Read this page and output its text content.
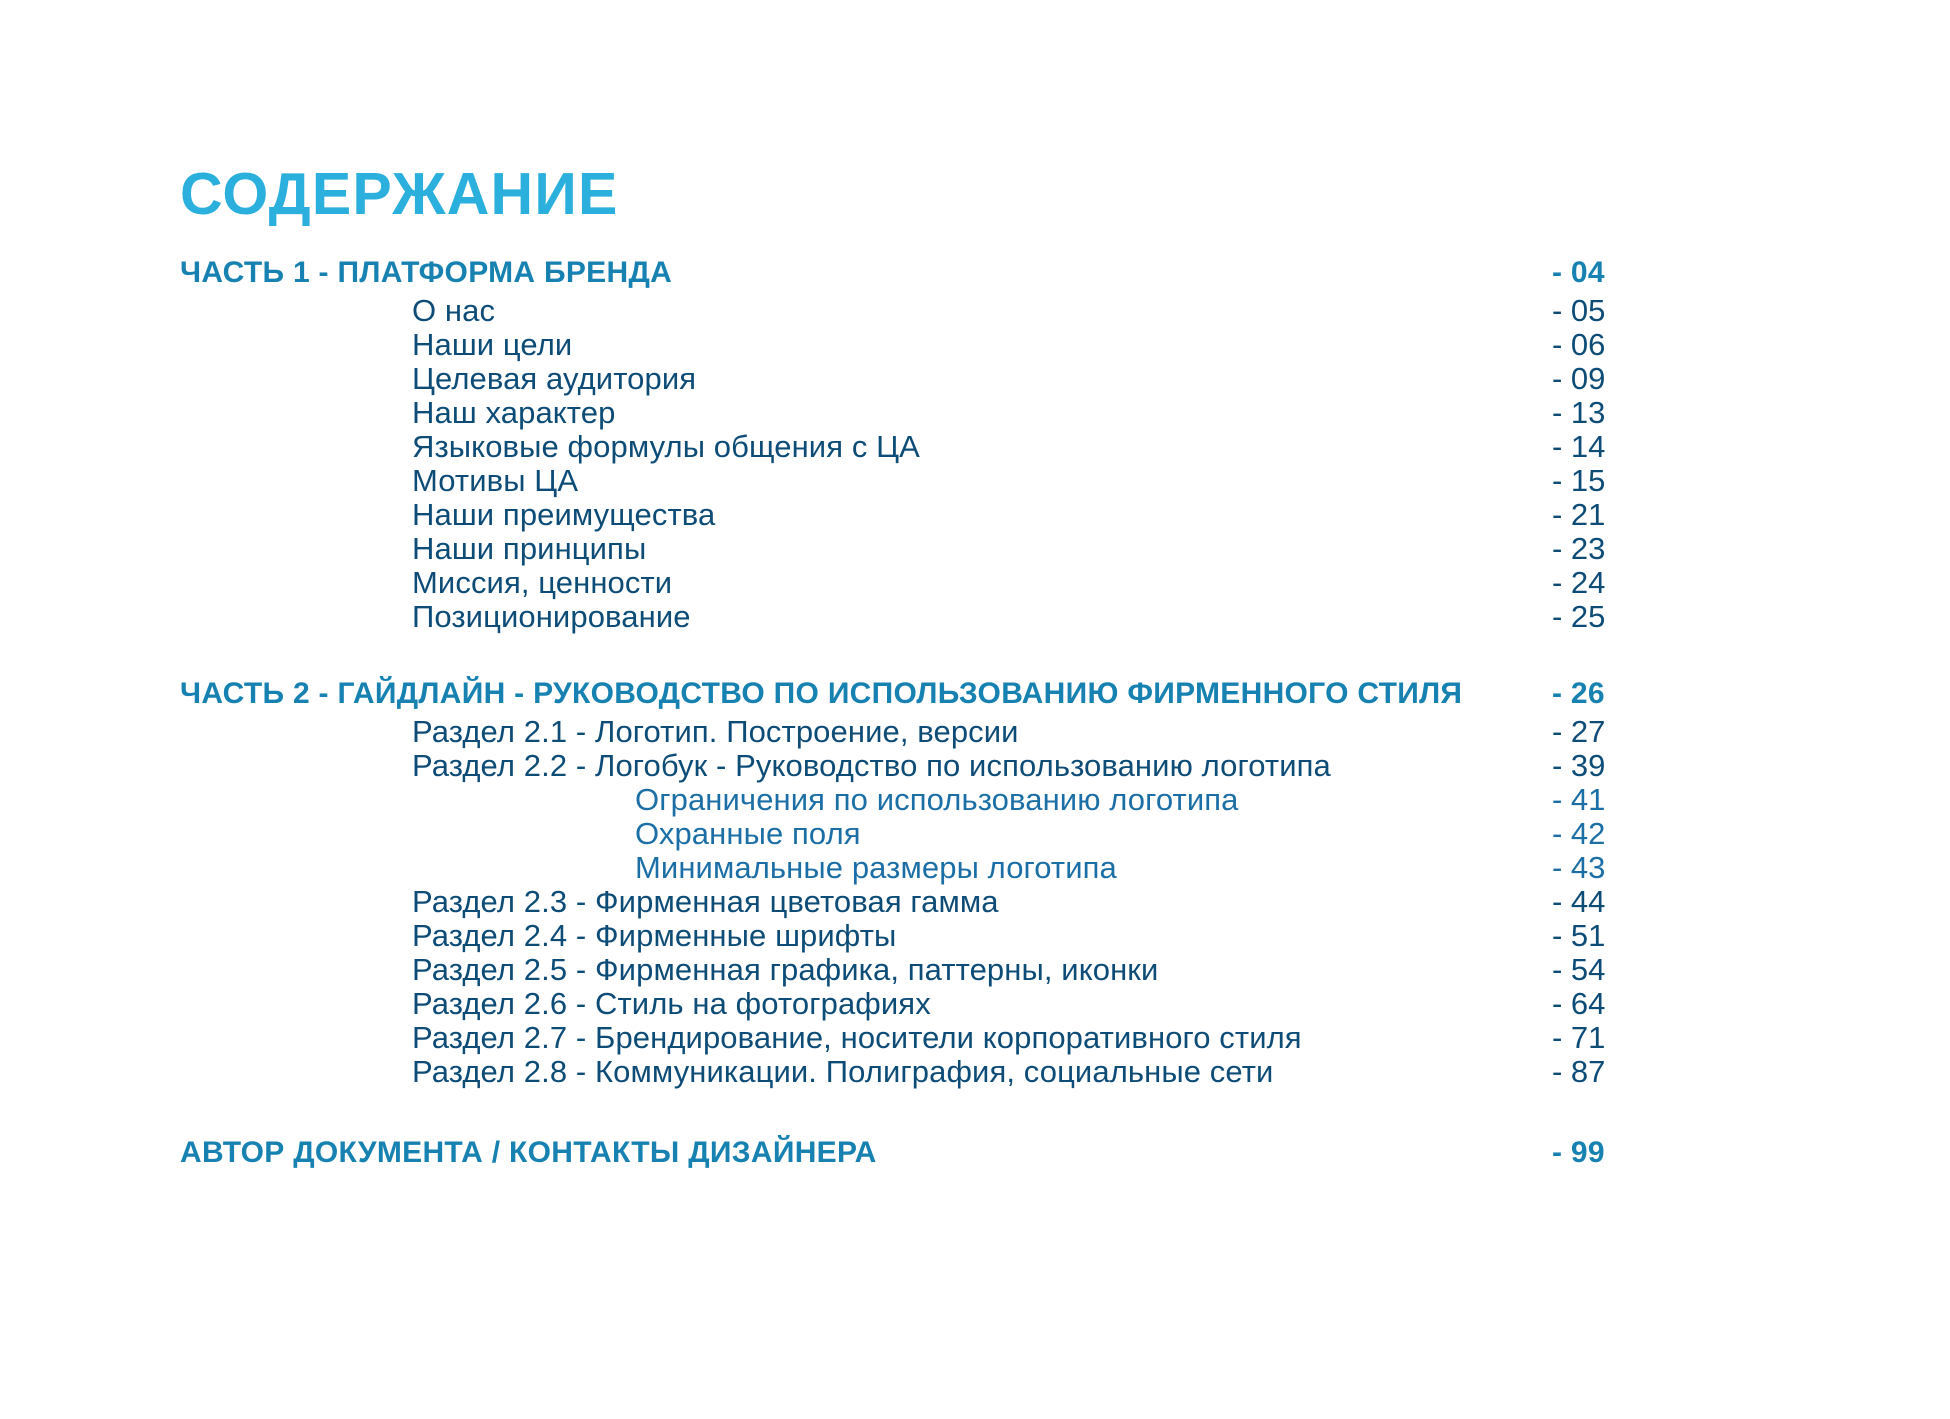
СОДЕРЖАНИЕ
ЧАСТЬ 1 - ПЛАТФОРМА БРЕНДА	- 04
О нас	- 05
Наши цели	- 06
Целевая аудитория	- 09
Наш характер	- 13
Языковые формулы общения с ЦА	- 14
Мотивы ЦА	- 15
Наши преимущества	- 21
Наши принципы	- 23
Миссия, ценности	- 24
Позиционирование	- 25
ЧАСТЬ 2 - ГАЙДЛАЙН - РУКОВОДСТВО ПО ИСПОЛЬЗОВАНИЮ ФИРМЕННОГО СТИЛЯ	- 26
Раздел 2.1 - Логотип. Построение, версии	- 27
Раздел 2.2 - Логобук - Руководство по использованию логотипа	- 39
Ограничения по использованию логотипа	- 41
Охранные поля	- 42
Минимальные размеры логотипа	- 43
Раздел 2.3 - Фирменная цветовая гамма	- 44
Раздел 2.4 - Фирменные шрифты	- 51
Раздел 2.5 - Фирменная графика, паттерны, иконки	- 54
Раздел 2.6 - Стиль на фотографиях	- 64
Раздел 2.7 - Брендирование, носители корпоративного стиля	- 71
Раздел 2.8 - Коммуникации. Полиграфия, социальные сети	- 87
АВТОР ДОКУМЕНТА / КОНТАКТЫ ДИЗАЙНЕРА	- 99
